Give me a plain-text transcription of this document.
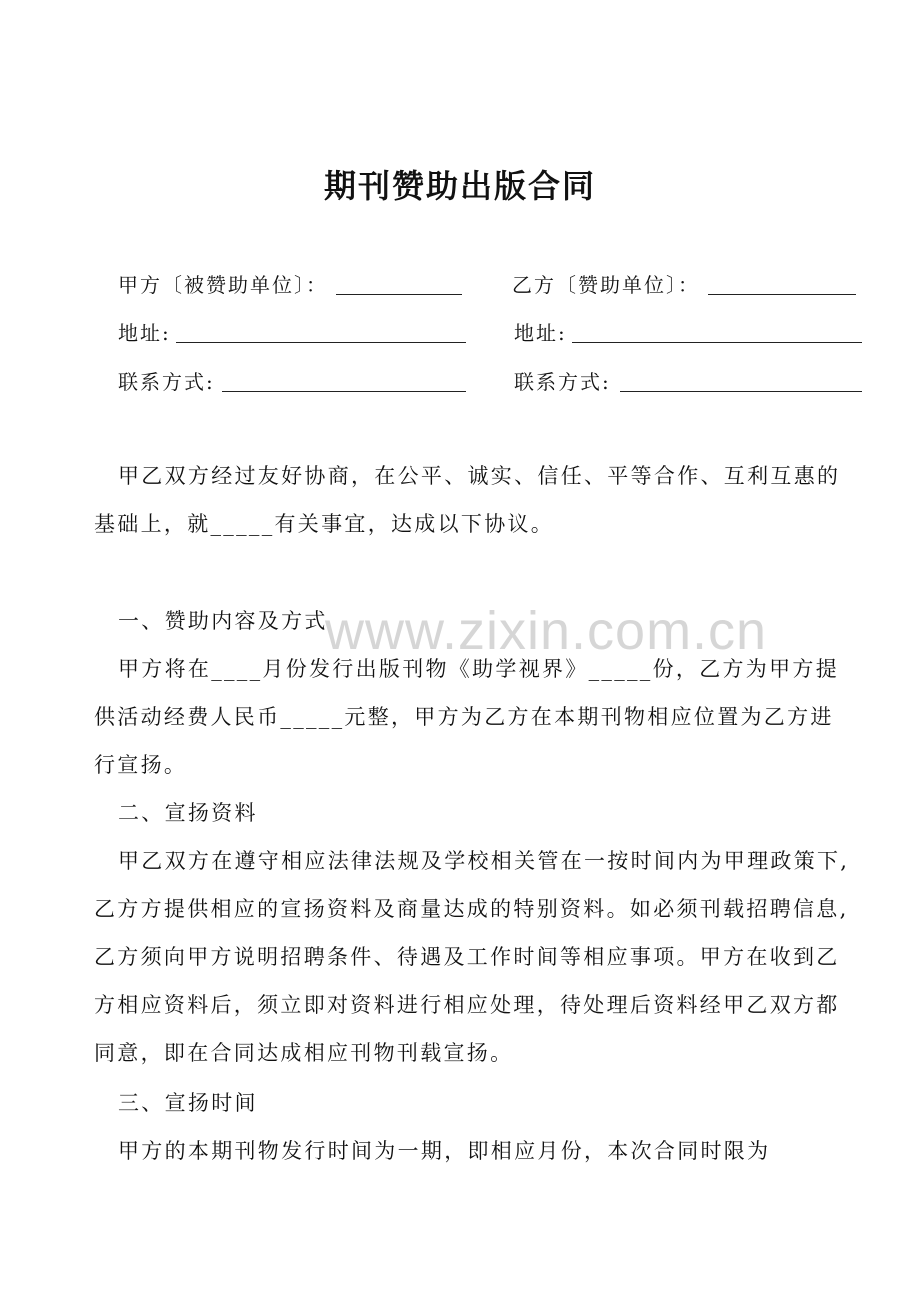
期刊赞助出版合同
甲方〔被赞助单位〕：	乙方〔赞助单位〕：
地址:	地址:
联系方式:	联系方式:
www.zixin.com.cn
甲乙双方经过友好协商，在公平、诚实、信任、平等合作、互利互惠的
基础上，就_____有关事宜，达成以下协议。
一、赞助内容及方式
甲方将在____月份发行出版刊物《助学视界》_____份，乙方为甲方提
供活动经费人民币_____元整，甲方为乙方在本期刊物相应位置为乙方进
行宣扬。
二、宣扬资料
甲乙双方在遵守相应法律法规及学校相关管在一按时间内为甲理政策下,
乙方方提供相应的宣扬资料及商量达成的特别资料。如必须刊载招聘信息,
乙方须向甲方说明招聘条件、待遇及工作时间等相应事项。甲方在收到乙
方相应资料后，须立即对资料进行相应处理，待处理后资料经甲乙双方都
同意，即在合同达成相应刊物刊载宣扬。
三、宣扬时间
甲方的本期刊物发行时间为一期，即相应月份，本次合同时限为
